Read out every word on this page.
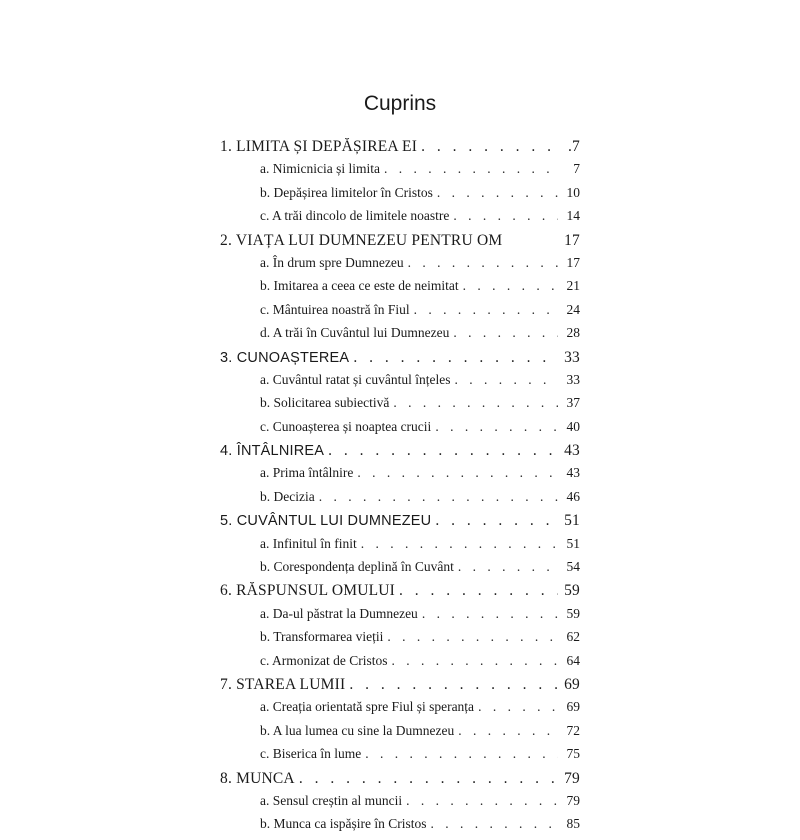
Cuprins
1. LIMITA ȘI DEPĂȘIREA EI . . .	.7
a. Nimicnicia și limita . . .	7
b. Depășirea limitelor în Cristos . . .	10
c. A trăi dincolo de limitele noastre . . .	14
2. VIAȚA LUI DUMNEZEU PENTRU OM	17
a. În drum spre Dumnezeu . . .	17
b. Imitarea a ceea ce este de neimitat . . .	21
c. Mântuirea noastră în Fiul . . .	24
d. A trăi în Cuvântul lui Dumnezeu . . .	28
3. CUNOAȘTEREA . . .	33
a. Cuvântul ratat și cuvântul înțeles . . .	33
b. Solicitarea subiectivă . . .	37
c. Cunoașterea și noaptea crucii . . .	40
4. ÎNTÂLNIREA . . .	43
a. Prima întâlnire . . .	43
b. Decizia . . .	46
5. CUVÂNTUL LUI DUMNEZEU . . .	51
a. Infinitul în finit . . .	51
b. Corespondența deplină în Cuvânt . . .	54
6. RĂSPUNSUL OMULUI . . .	59
a. Da-ul păstrat la Dumnezeu . . .	59
b. Transformarea vieții . . .	62
c. Armonizat de Cristos . . .	64
7. STAREA LUMII . . .	69
a. Creația orientată spre Fiul și speranța . . .	69
b. A lua lumea cu sine la Dumnezeu . . .	72
c. Biserica în lume . . .	75
8. MUNCA . . .	79
a. Sensul creștin al muncii . . .	79
b. Munca ca ispășire în Cristos . . .	85
